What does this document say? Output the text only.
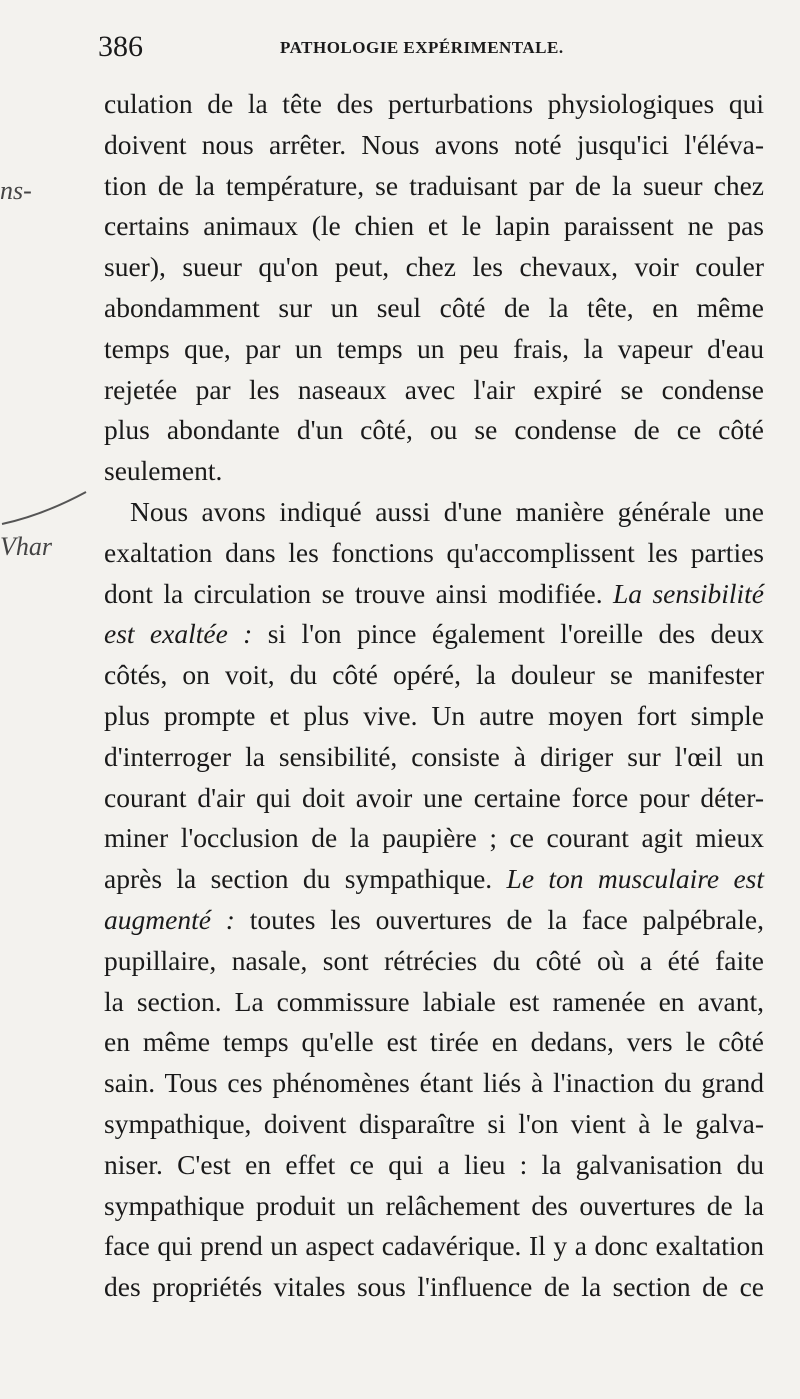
386	PATHOLOGIE EXPÉRIMENTALE.
ns-
Vhar
culation de la tête des perturbations physiologiques qui
doivent nous arrêter. Nous avons noté jusqu'ici l'éléva-
tion de la température, se traduisant par de la sueur chez
certains animaux (le chien et le lapin paraissent ne pas
suer), sueur qu'on peut, chez les chevaux, voir couler
abondamment sur un seul côté de la tête, en même
temps que, par un temps un peu frais, la vapeur d'eau
rejetée par les naseaux avec l'air expiré se condense
plus abondante d'un côté, ou se condense de ce côté
seulement.
Nous avons indiqué aussi d'une manière générale une
exaltation dans les fonctions qu'accomplissent les parties
dont la circulation se trouve ainsi modifiée. La sensibilité
est exaltée : si l'on pince également l'oreille des deux
côtés, on voit, du côté opéré, la douleur se manifester
plus prompte et plus vive. Un autre moyen fort simple
d'interroger la sensibilité, consiste à diriger sur l'œil un
courant d'air qui doit avoir une certaine force pour déter-
miner l'occlusion de la paupière ; ce courant agit mieux
après la section du sympathique. Le ton musculaire est
augmenté : toutes les ouvertures de la face palpébrale,
pupillaire, nasale, sont rétrécies du côté où a été faite
la section. La commissure labiale est ramenée en avant,
en même temps qu'elle est tirée en dedans, vers le côté
sain. Tous ces phénomènes étant liés à l'inaction du grand
sympathique, doivent disparaître si l'on vient à le galva-
niser. C'est en effet ce qui a lieu : la galvanisation du
sympathique produit un relâchement des ouvertures de la
face qui prend un aspect cadavérique. Il y a donc exaltation
des propriétés vitales sous l'influence de la section de ce
